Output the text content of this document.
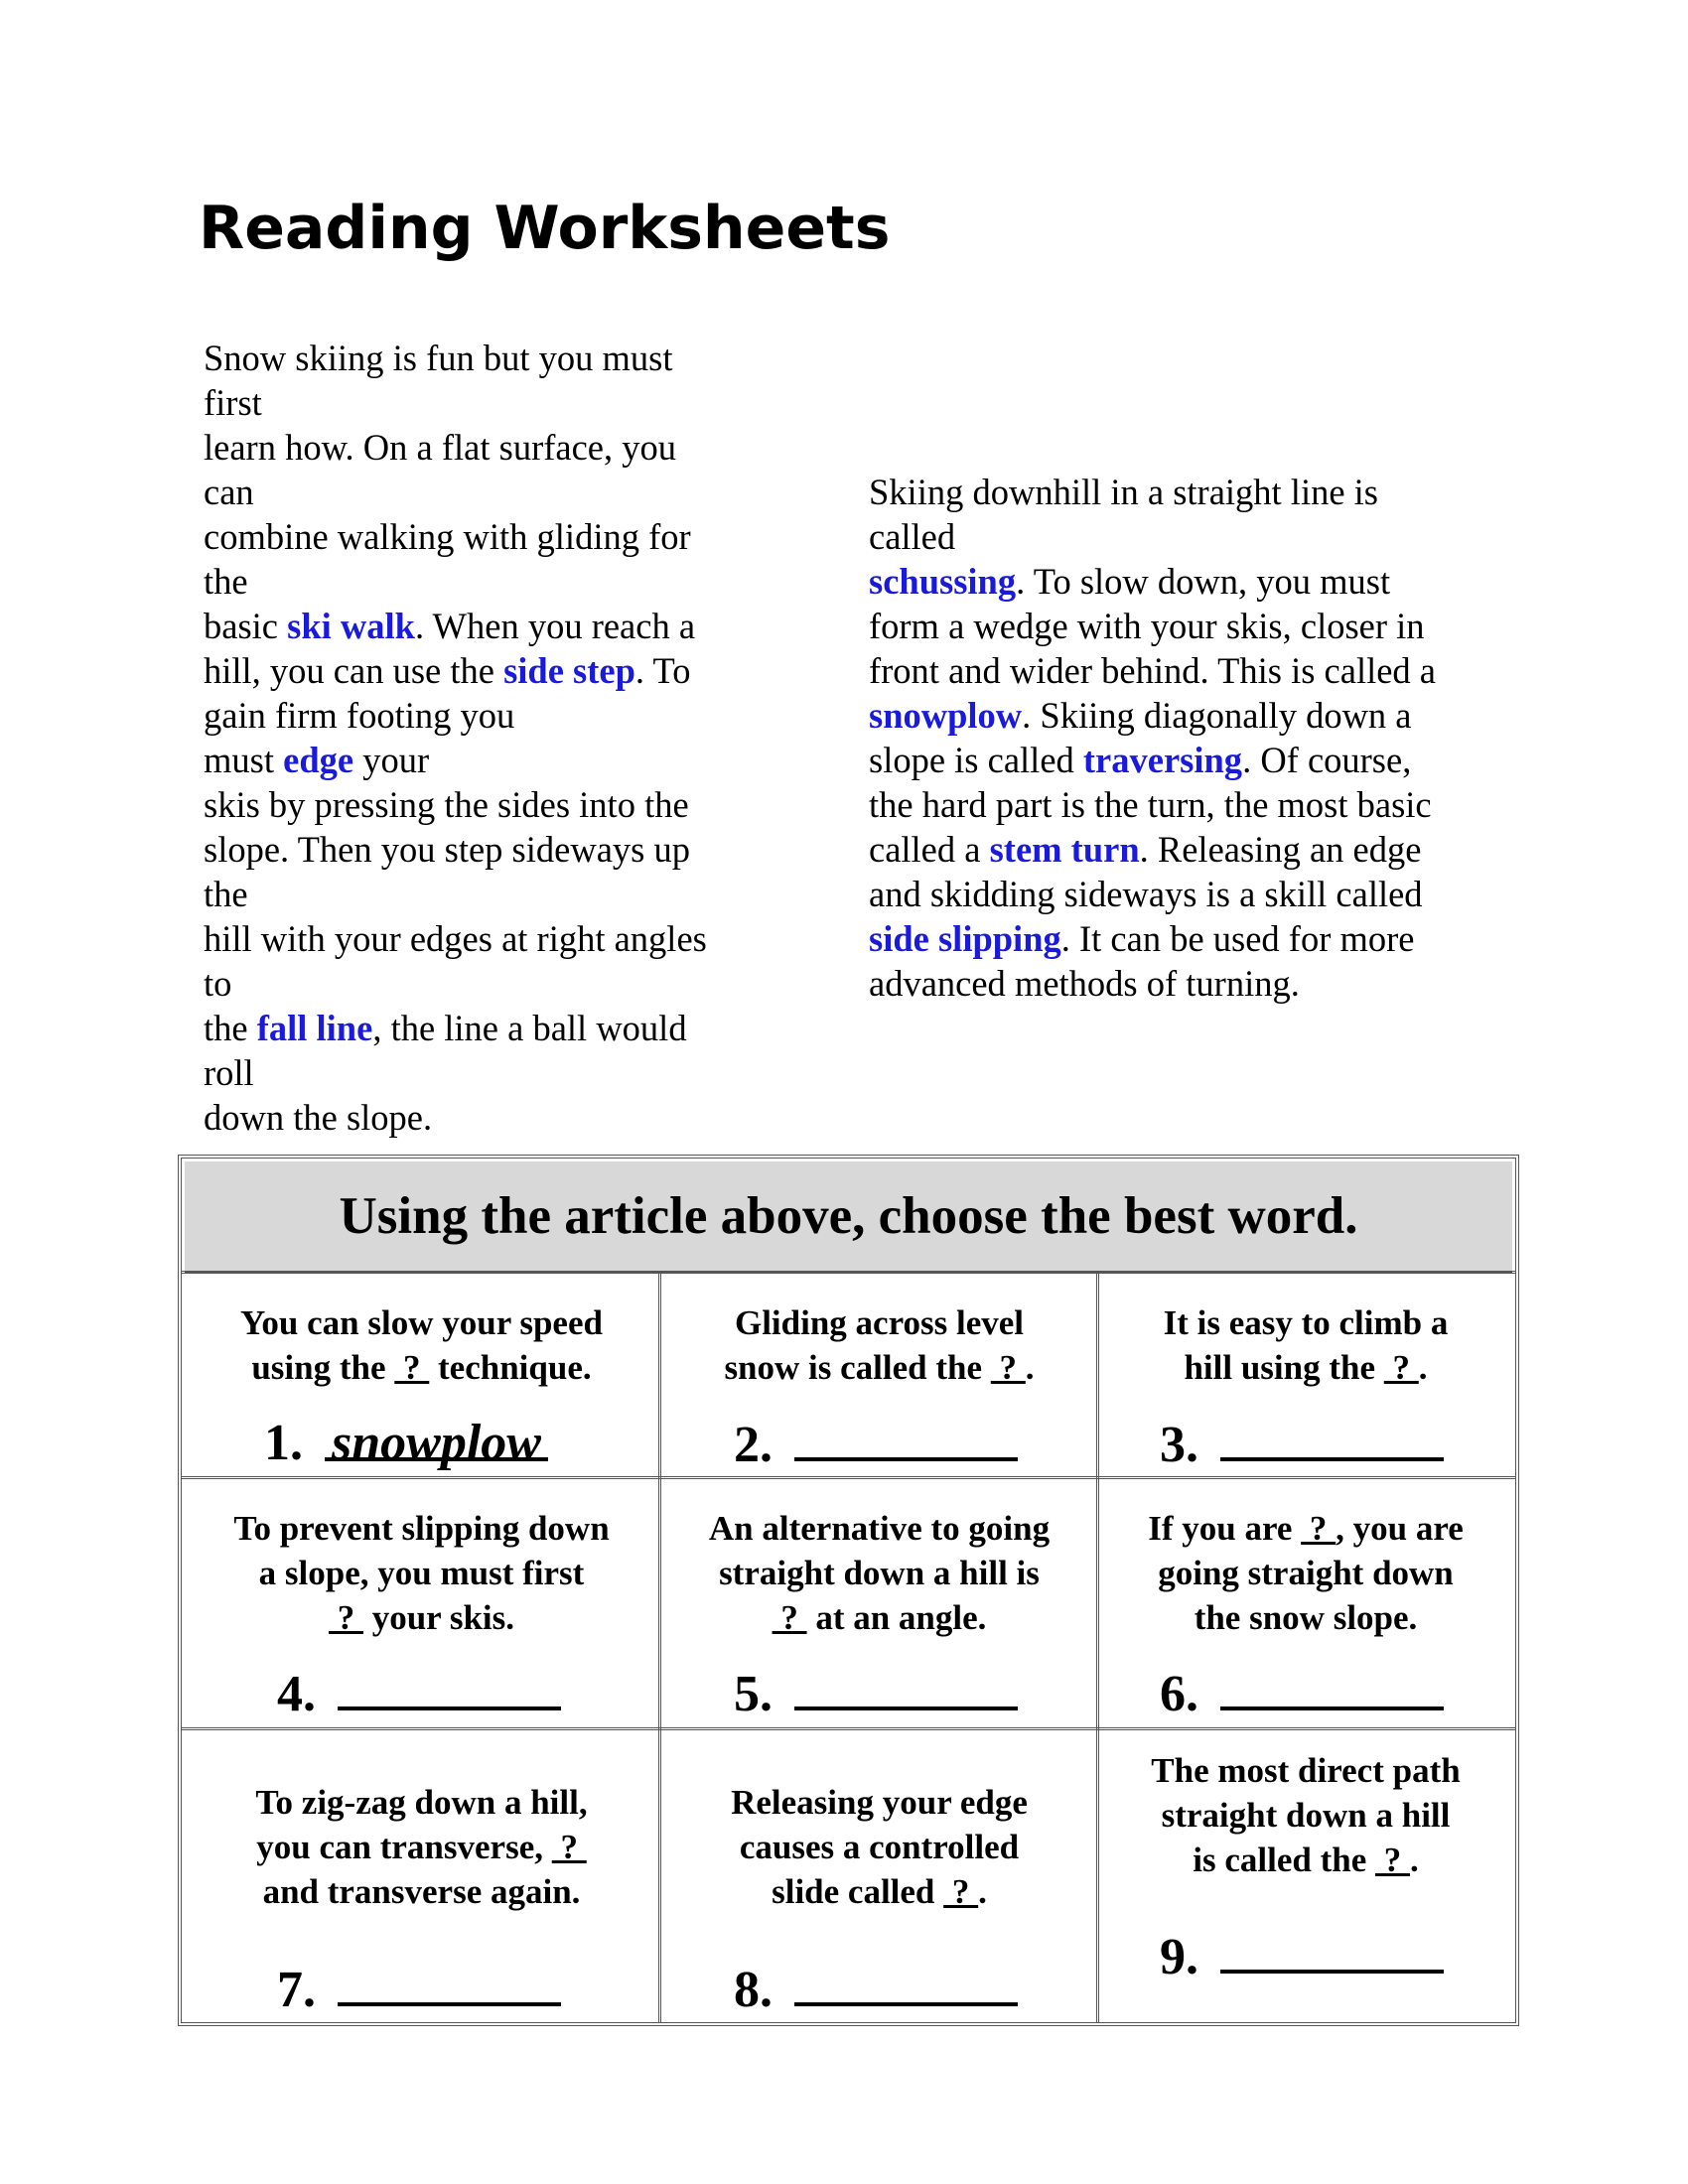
Reading Worksheets
Snow skiing is fun but you must
first
learn how. On a flat surface, you
can
combine walking with gliding for
the
basic ski walk. When you reach a
hill, you can use the side step. To
gain firm footing you
must edge your
skis by pressing the sides into the
slope. Then you step sideways up
the
hill with your edges at right angles
to
the fall line, the line a ball would
roll
down the slope.
Skiing downhill in a straight line is
called
schussing. To slow down, you must
form a wedge with your skis, closer in
front and wider behind. This is called a
snowplow. Skiing diagonally down a
slope is called traversing. Of course,
the hard part is the turn, the most basic
called a stem turn. Releasing an edge
and skidding sideways is a skill called
side slipping. It can be used for more
advanced methods of turning.
Using the article above, choose the best word.
You can slow your speed
using the  ?  technique.
1. snowplow
Gliding across level
snow is called the  ? .
2.
It is easy to climb a
hill using the  ? .
3.
To prevent slipping down
a slope, you must first
?  your skis.
4.
An alternative to going
straight down a hill is
?  at an angle.
5.
If you are  ? , you are
going straight down
the snow slope.
6.
To zig-zag down a hill,
you can transverse,  ?
and transverse again.
7.
Releasing your edge
causes a controlled
slide called  ? .
8.
The most direct path
straight down a hill
is called the  ? .
9.
